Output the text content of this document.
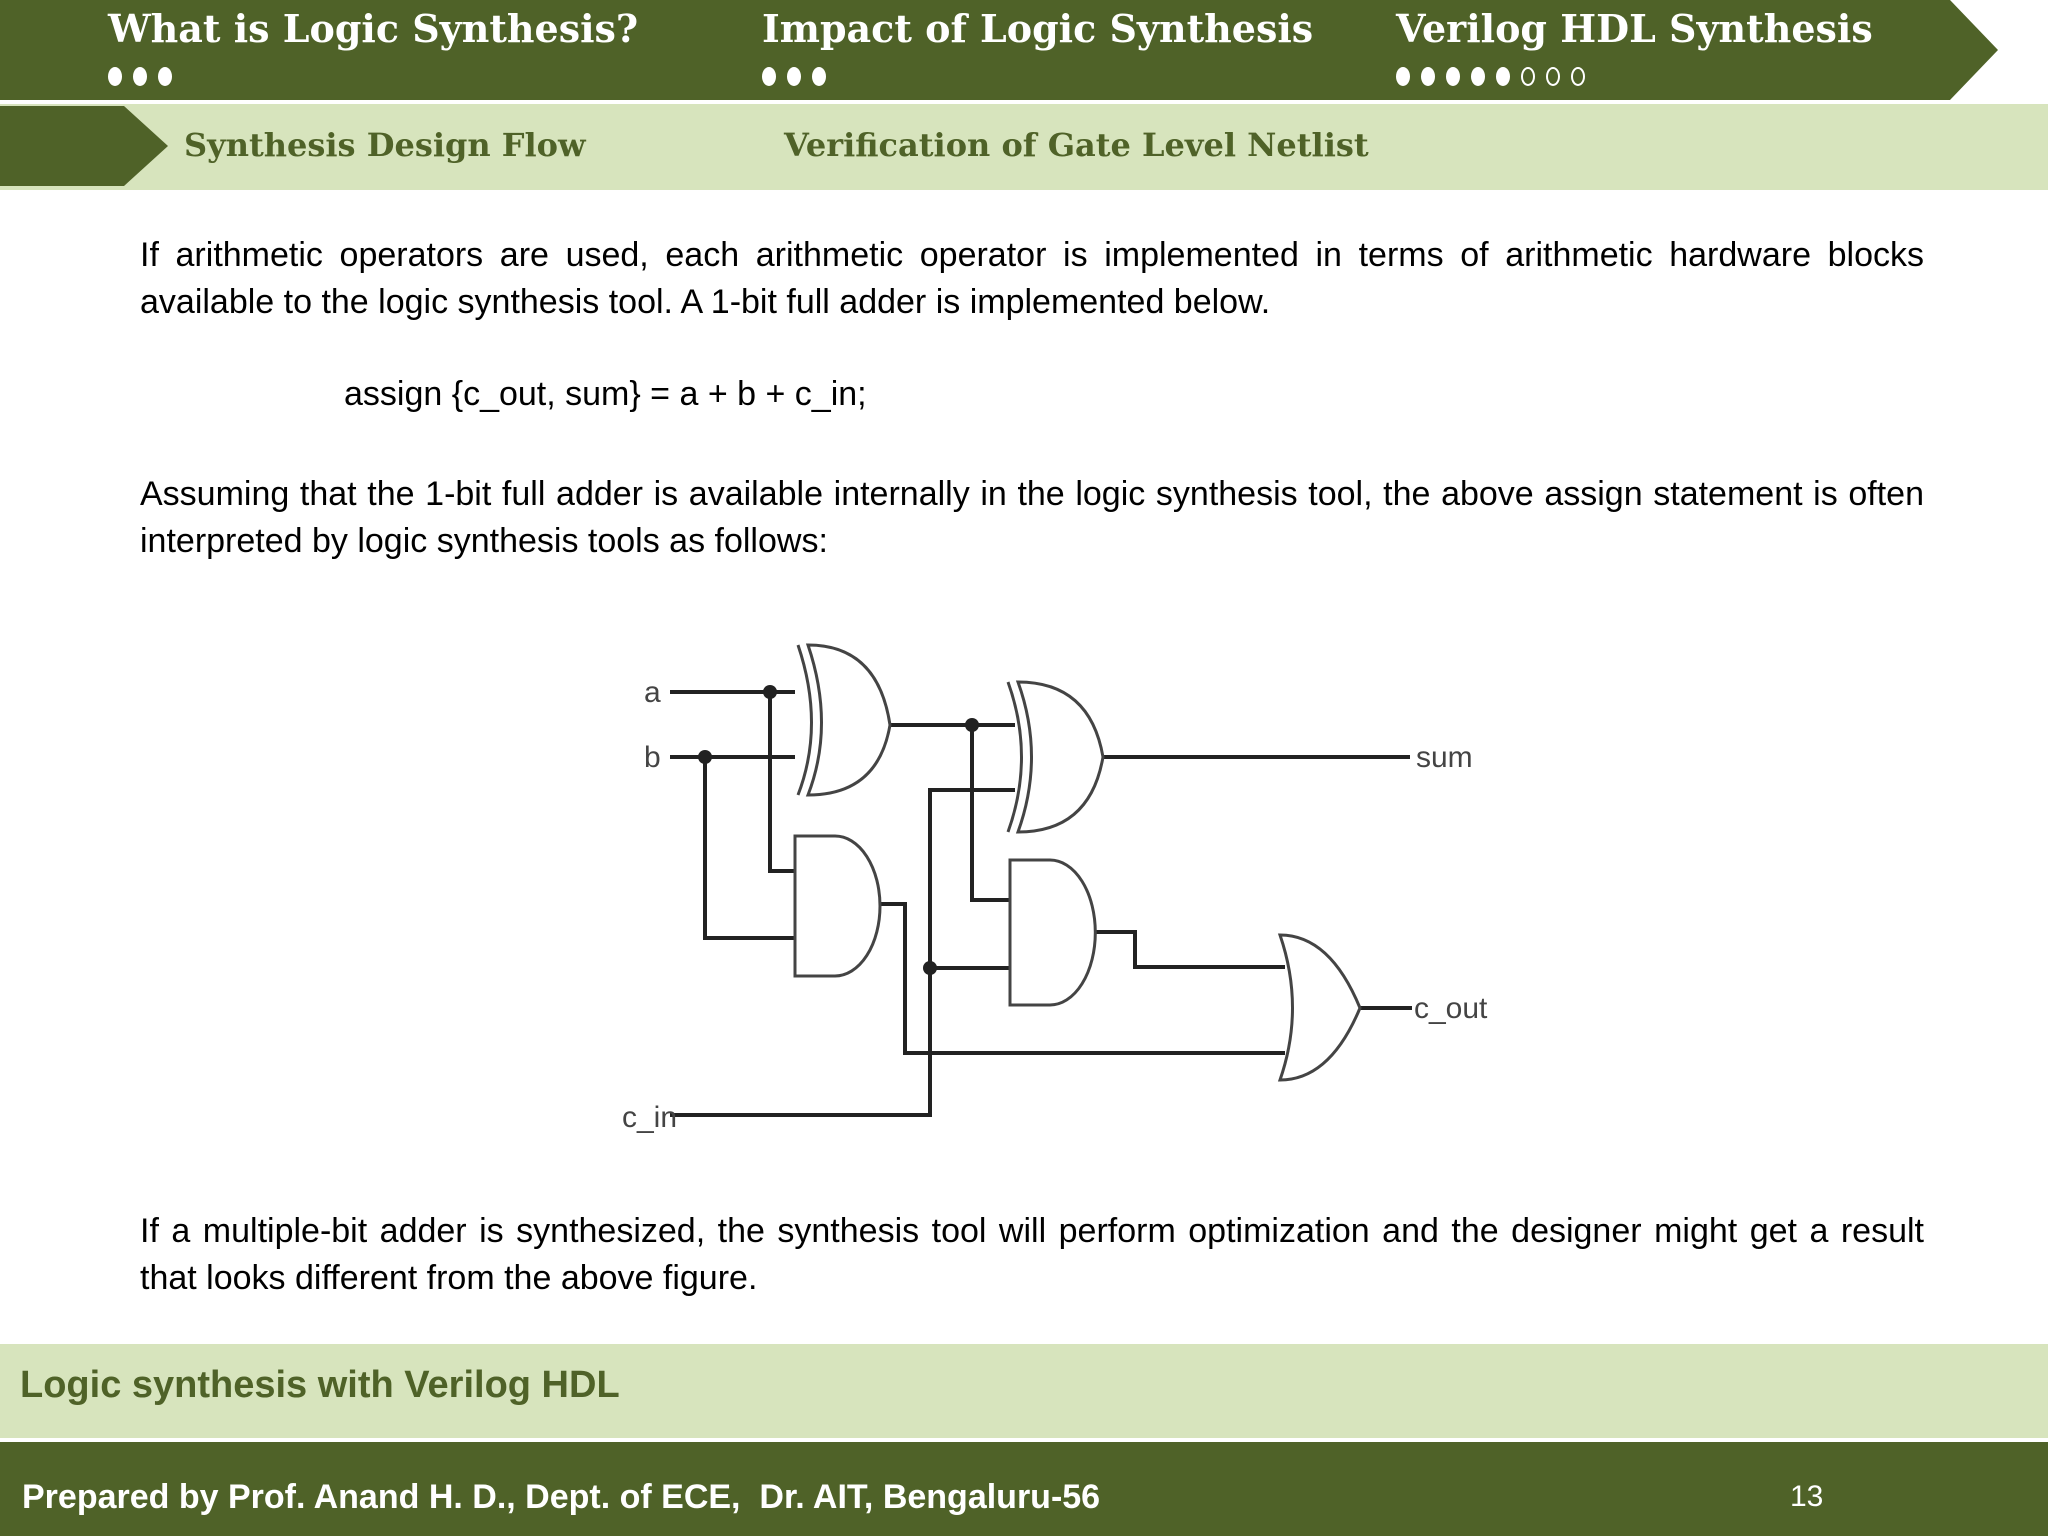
What is Logic Synthesis?	Impact of Logic Synthesis Verilog HDL Synthesis
Synthesis Design Flow	Verification of Gate Level Netlist

If arithmetic operators are used, each arithmetic operator is implemented in terms of arithmetic hardware blocks available to the logic synthesis tool. A 1-bit full adder is implemented below.

assign {c_out, sum} = a + b + c_in;

Assuming that the 1-bit full adder is available internally in the logic synthesis tool, the above assign statement is often interpreted by logic synthesis tools as follows:

a
b
c_in
sum
c_out

If a multiple-bit adder is synthesized, the synthesis tool will perform optimization and the designer might get a result that looks different from the above figure.

Logic synthesis with Verilog HDL
Prepared by Prof. Anand H. D., Dept. of ECE,  Dr. AIT, Bengaluru-56	13
